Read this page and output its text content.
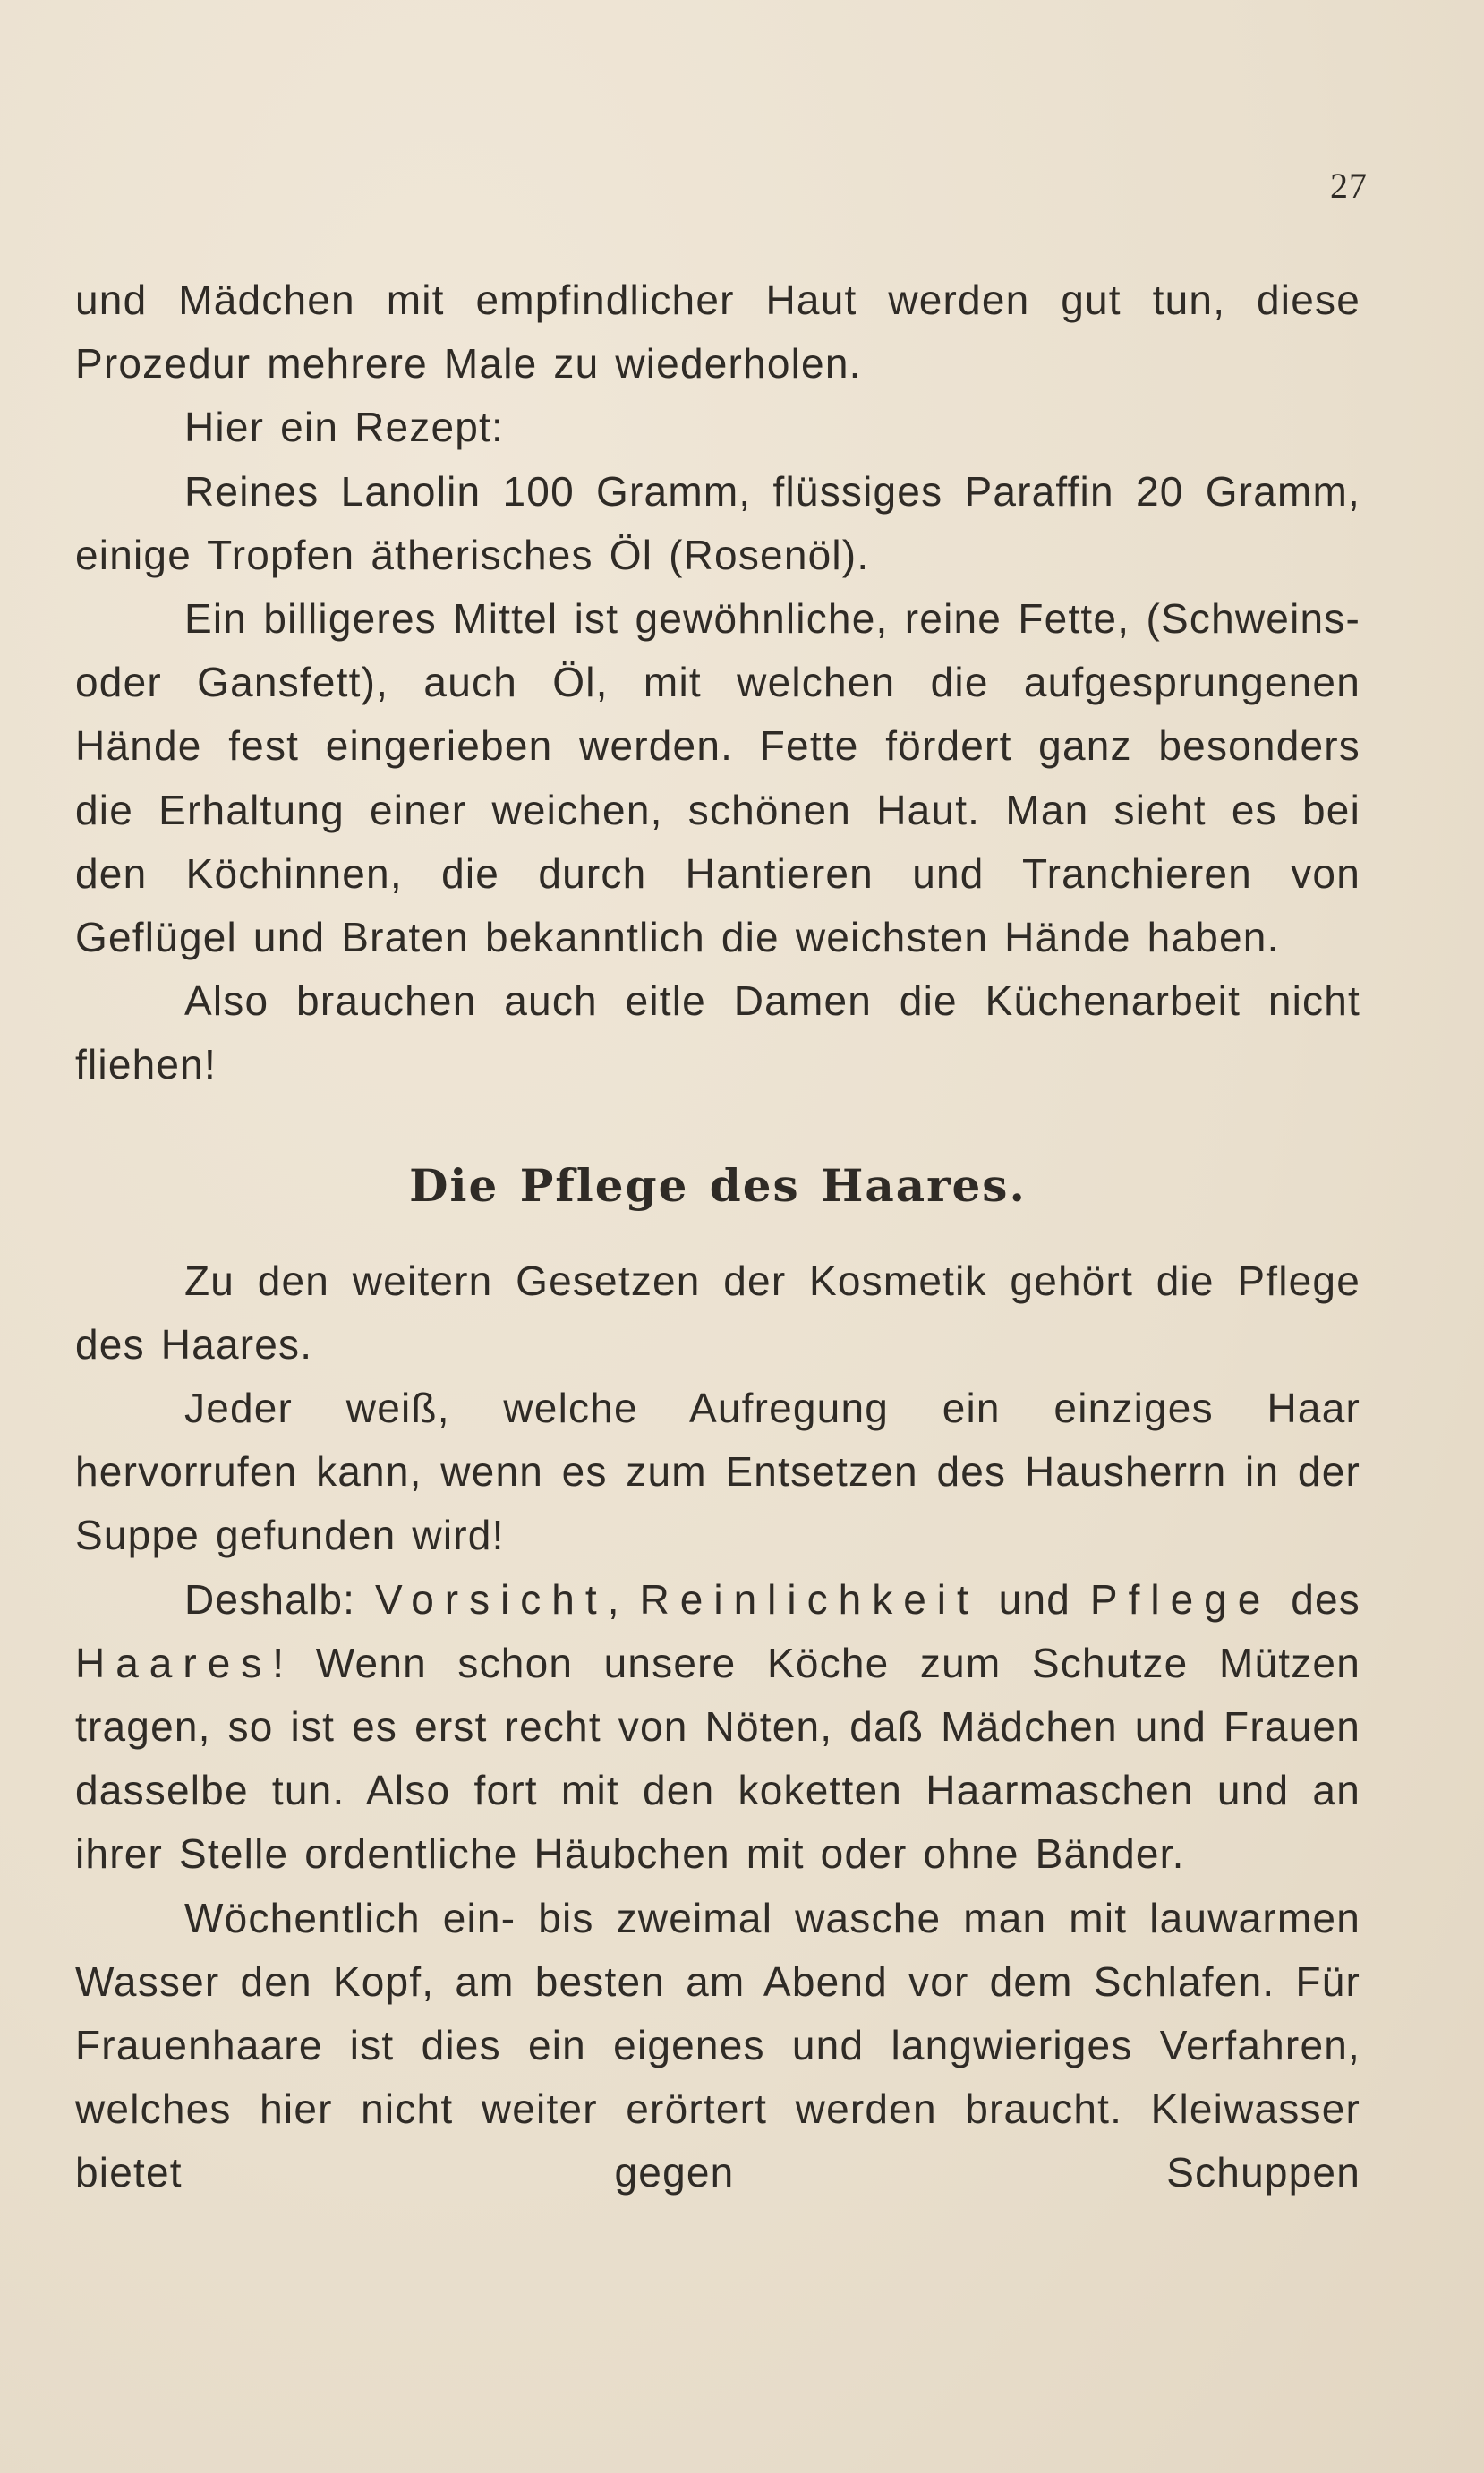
27

und Mädchen mit empfindlicher Haut werden gut tun, diese Prozedur mehrere Male zu wiederholen.

Hier ein Rezept:

Reines Lanolin 100 Gramm, flüssiges Paraffin 20 Gramm, einige Tropfen ätherisches Öl (Rosenöl).

Ein billigeres Mittel ist gewöhnliche, reine Fette, (Schweins- oder Gansfett), auch Öl, mit welchen die aufgesprungenen Hände fest eingerieben werden. Fette fördert ganz besonders die Erhaltung einer weichen, schönen Haut. Man sieht es bei den Köchinnen, die durch Hantieren und Tranchieren von Geflügel und Braten bekanntlich die weichsten Hände haben.

Also brauchen auch eitle Damen die Küchenarbeit nicht fliehen!

Die Pflege des Haares.

Zu den weitern Gesetzen der Kosmetik gehört die Pflege des Haares.

Jeder weiß, welche Aufregung ein einziges Haar hervorrufen kann, wenn es zum Entsetzen des Hausherrn in der Suppe gefunden wird!

Deshalb: Vorsicht, Reinlichkeit und Pflege des Haares! Wenn schon unsere Köche zum Schutze Mützen tragen, so ist es erst recht von Nöten, daß Mädchen und Frauen dasselbe tun. Also fort mit den koketten Haarmaschen und an ihrer Stelle ordentliche Häubchen mit oder ohne Bänder.

Wöchentlich ein- bis zweimal wasche man mit lauwarmen Wasser den Kopf, am besten am Abend vor dem Schlafen. Für Frauenhaare ist dies ein eigenes und langwieriges Verfahren, welches hier nicht weiter erörtert werden braucht. Kleiwasser bietet gegen Schuppen
